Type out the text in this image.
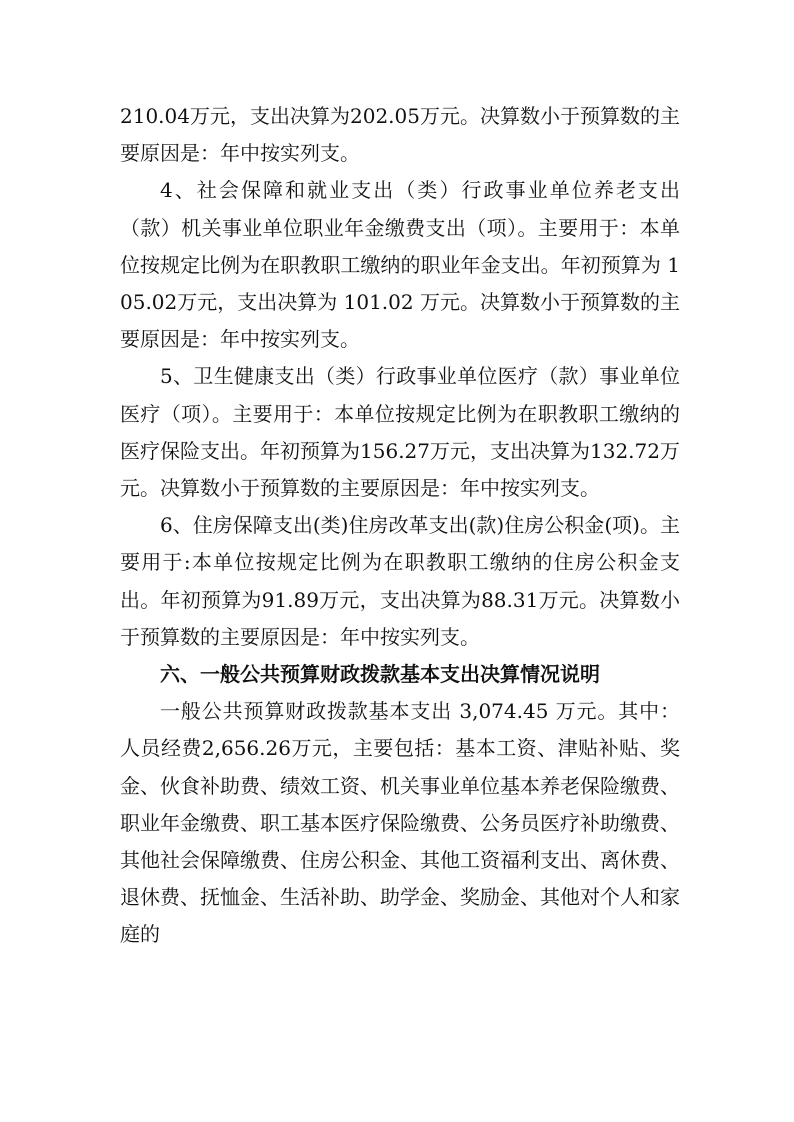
210.04万元，支出决算为202.05万元。决算数小于预算数的主要原因是：年中按实列支。

4、社会保障和就业支出（类）行政事业单位养老支出（款）机关事业单位职业年金缴费支出（项）。主要用于：本单位按规定比例为在职教职工缴纳的职业年金支出。年初预算为 105.02万元，支出决算为 101.02 万元。决算数小于预算数的主要原因是：年中按实列支。

5、卫生健康支出（类）行政事业单位医疗（款）事业单位医疗（项）。主要用于：本单位按规定比例为在职教职工缴纳的医疗保险支出。年初预算为156.27万元，支出决算为132.72万元。决算数小于预算数的主要原因是：年中按实列支。

6、住房保障支出(类)住房改革支出(款)住房公积金(项)。主要用于:本单位按规定比例为在职教职工缴纳的住房公积金支出。年初预算为91.89万元，支出决算为88.31万元。决算数小于预算数的主要原因是：年中按实列支。

六、一般公共预算财政拨款基本支出决算情况说明

一般公共预算财政拨款基本支出 3,074.45 万元。其中：人员经费2,656.26万元，主要包括：基本工资、津贴补贴、奖金、伙食补助费、绩效工资、机关事业单位基本养老保险缴费、职业年金缴费、职工基本医疗保险缴费、公务员医疗补助缴费、其他社会保障缴费、住房公积金、其他工资福利支出、离休费、退休费、抚恤金、生活补助、助学金、奖励金、其他对个人和家庭的
